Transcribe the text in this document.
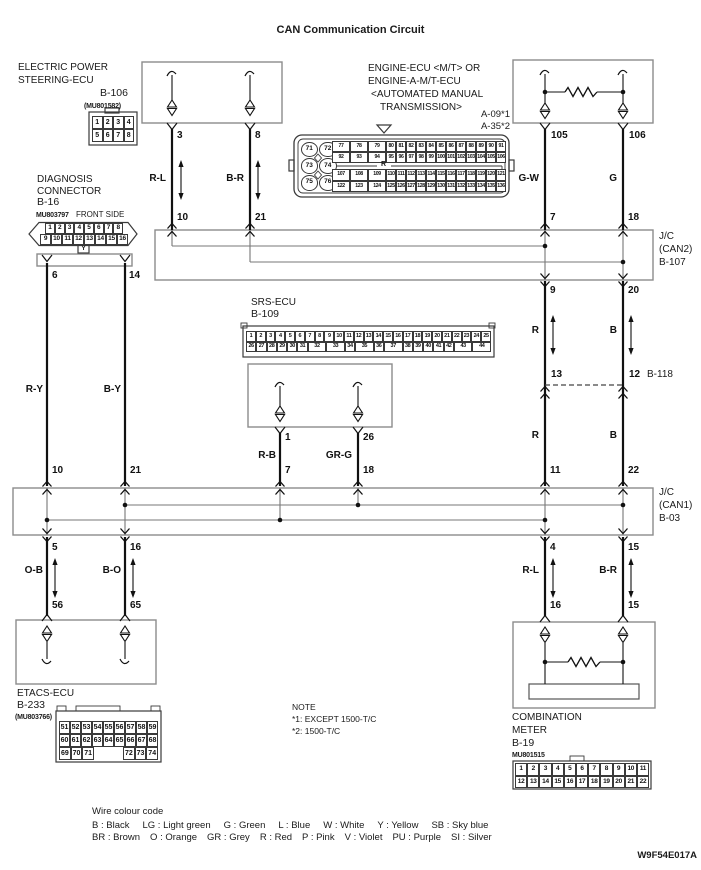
CAN Communication Circuit
ELECTRIC POWER
STEERING-ECU
B-106
(MU801582)
DIAGNOSIS
CONNECTOR
B-16
MU803797 FRONT SIDE
Y
ENGINE-ECU <M/T> OR
ENGINE-A-M/T-ECU
<AUTOMATED MANUAL
TRANSMISSION>
A-09*1
A-35*2
SRS-ECU
B-109
J/C
(CAN2)
B-107
B-118
J/C
(CAN1)
B-03
ETACS-ECU
B-233
(MU803766)	COMBINATION
METER
B-19
MU801515
NOTE
*1: EXCEPT 1500-T/C
*2: 1500-T/C
Wire colour code
B : Black LG : Light green G : Green L : Blue W : White Y : Yellow SB : Sky blue
BR : Brown O : Orange GR : Grey R : Red P : Pink V : Violet PU : Purple SI : Silver
W9F54E017A
3	8	105	106
10	21	7	18
9	20
13	12
6	14
1	26
10	21	7	18	11	22
5	16	4	15
56	65	16	15
R-L	B-R	G-W	G
R-Y	B-Y
R	B
R	B
R-B	GR-G
O-B	B-O	R-L	B-R
1 2 3 4
5 6 7 8
1 2 3 4 5 6 7 8
9 10 11 12 13 14 15 16
71	72
73	74
75	76
77	78	79	80 81 82 83 84 85 86 87 88 89 90 91
92	93	94	95 96 97 98 99 100 101 102 103 104 105 106
107	108	109	110 111 112 113 114 115 116 117 118 119 120 121
122	123	124	125 126 127 128 129 130 131 132 133 134 135 136
R
1	2	3	4	5	6	7	8	9	10 11 12 13 14 15 16 17 18 19 20 21 22 23 24 25
26 27 28 29 30 31	32	33	34	35	36	37	38 39 40 41 42	43	44
51 52 53 54 55 56 57 58 59
60 61 62 63 64 65 66 67 68
69 70 71	72 73 74
1	2	3	4	5	6	7	8	9	10 11
12 13 14 15 16 17 18 19 20 21 22
